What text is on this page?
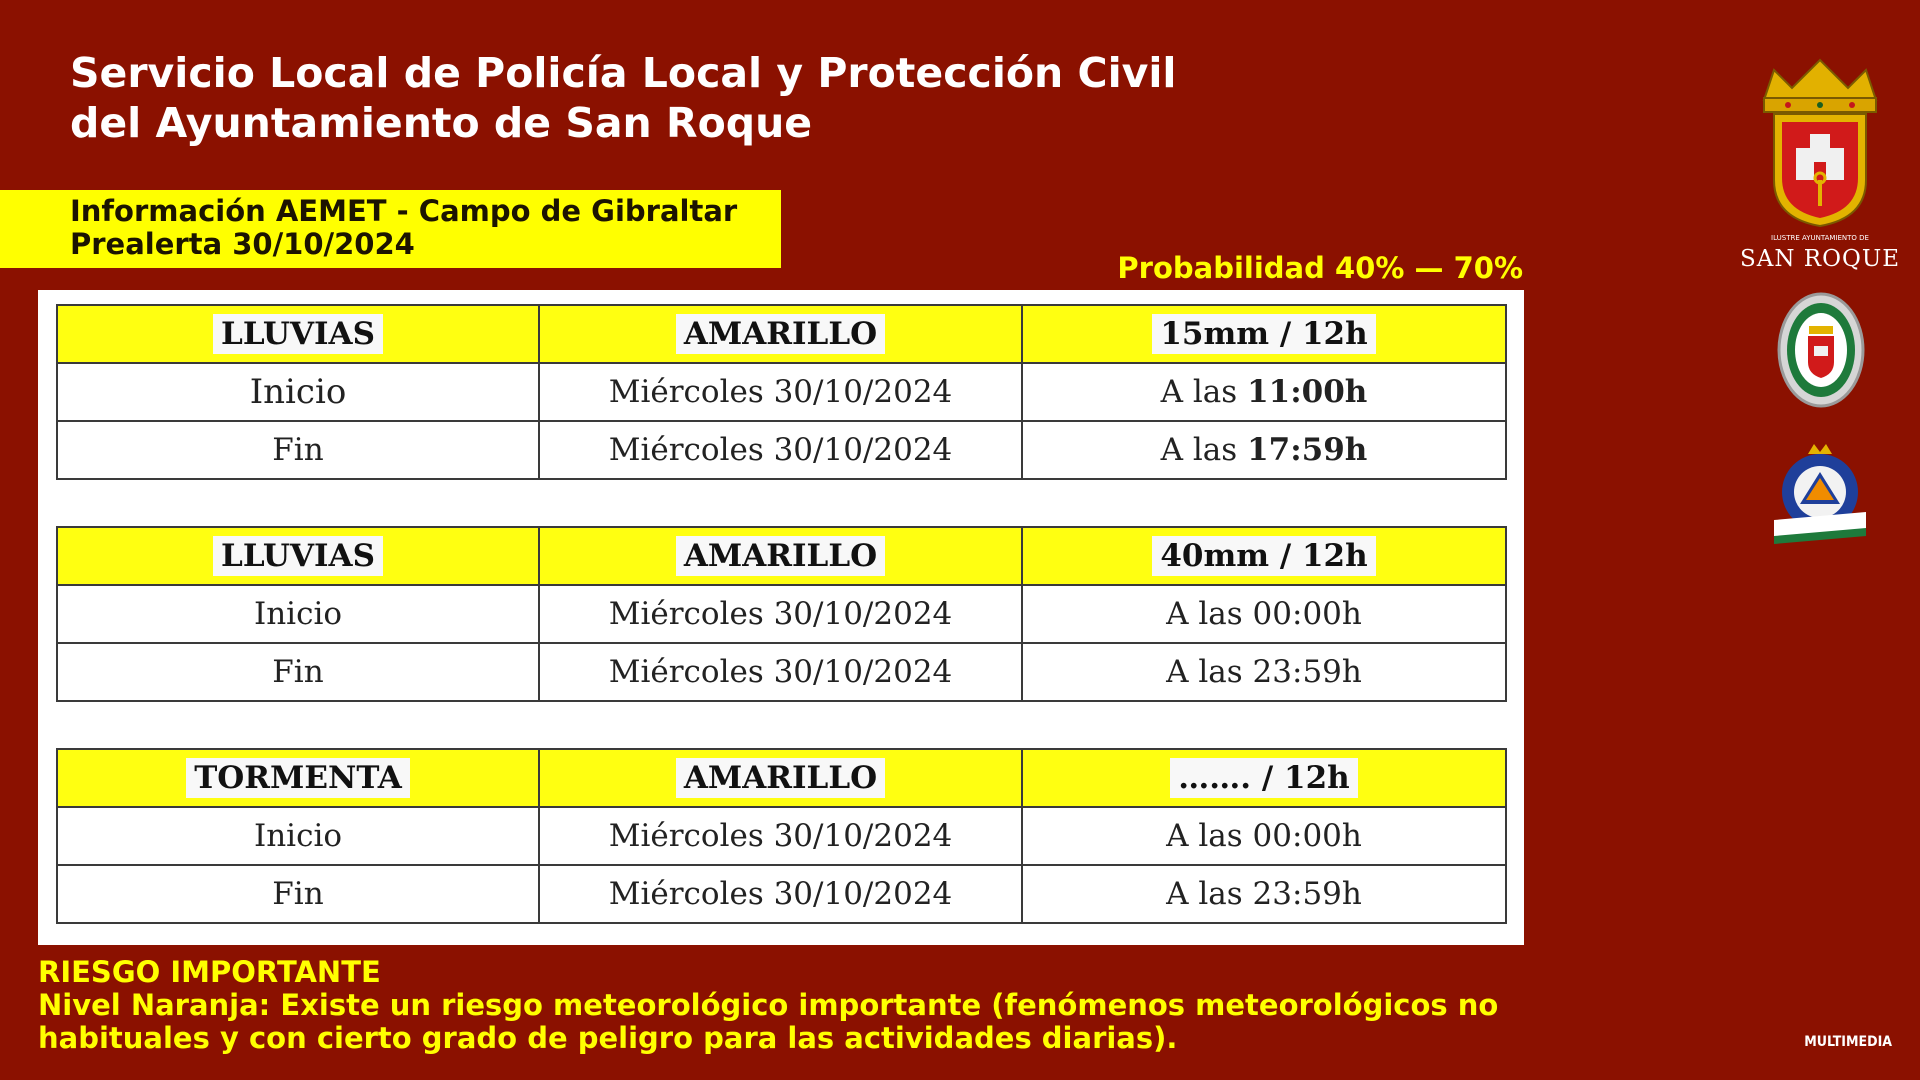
Servicio Local de Policía Local y Protección Civil
del Ayuntamiento de San Roque
Información AEMET - Campo de Gibraltar
Prealerta 30/10/2024
Probabilidad 40% — 70%
LLUVIAS	AMARILLO	15mm / 12h
Inicio	Miércoles 30/10/2024	A las 11:00h
Fin	Miércoles 30/10/2024	A las 17:59h
LLUVIAS	AMARILLO	40mm / 12h
Inicio	Miércoles 30/10/2024	A las 00:00h
Fin	Miércoles 30/10/2024	A las 23:59h
TORMENTA	AMARILLO	……. / 12h
Inicio	Miércoles 30/10/2024	A las 00:00h
Fin	Miércoles 30/10/2024	A las 23:59h
RIESGO IMPORTANTE
Nivel Naranja: Existe un riesgo meteorológico importante (fenómenos meteorológicos no
habituales y con cierto grado de peligro para las actividades diarias).
ILUSTRE AYUNTAMIENTO DE
SAN ROQUE
MULTIMEDIA
